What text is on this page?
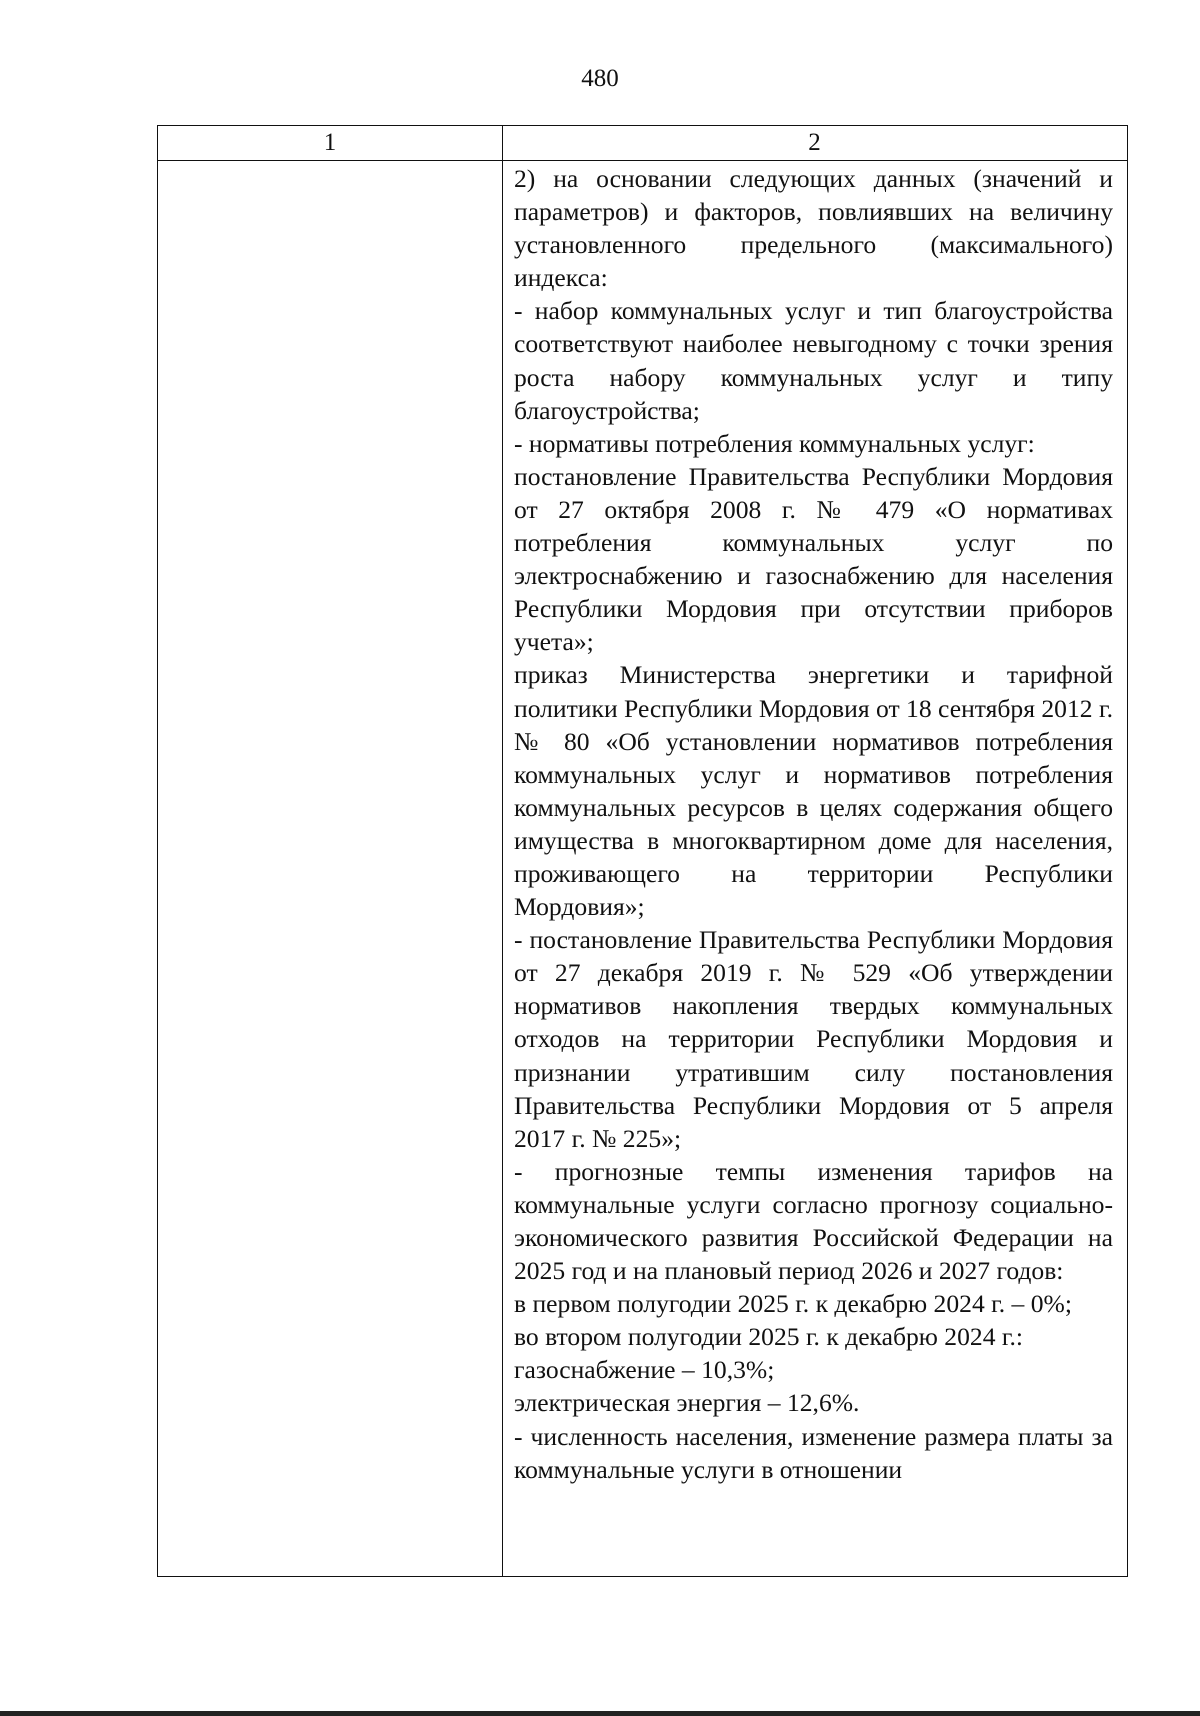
480
1	2

2) на основании следующих данных (значений и параметров) и факторов, повлиявших на величину установленного предельного (максимального) индекса:

- набор коммунальных услуг и тип благоустройства соответствуют наиболее невыгодному с точки зрения роста набору коммунальных услуг и типу благоустройства;

- нормативы потребления коммунальных услуг:

постановление Правительства Республики Мордовия от 27 октября 2008 г. № 479 «О нормативах потребления коммунальных услуг по электроснабжению и газоснабжению для населения Республики Мордовия при отсутствии приборов учета»;

приказ Министерства энергетики и тарифной политики Республики Мордовия от 18 сентября 2012 г. № 80 «Об установлении нормативов потребления коммунальных услуг и нормативов потребления коммунальных ресурсов в целях содержания общего имущества в многоквартирном доме для населения, проживающего на территории Республики Мордовия»;

- постановление Правительства Республики Мордовия от 27 декабря 2019 г. № 529 «Об утверждении нормативов накопления твердых коммунальных отходов на территории Республики Мордовия и признании утратившим силу постановления Правительства Республики Мордовия от 5 апреля 2017 г. № 225»;

- прогнозные темпы изменения тарифов на коммунальные услуги согласно прогнозу социально-экономического развития Российской Федерации на 2025 год и на плановый период 2026 и 2027 годов:

в первом полугодии 2025 г. к декабрю 2024 г. – 0%;

во втором полугодии 2025 г. к декабрю 2024 г.:

газоснабжение – 10,3%;

электрическая энергия – 12,6%.

- численность населения, изменение размера платы за коммунальные услуги в отношении
